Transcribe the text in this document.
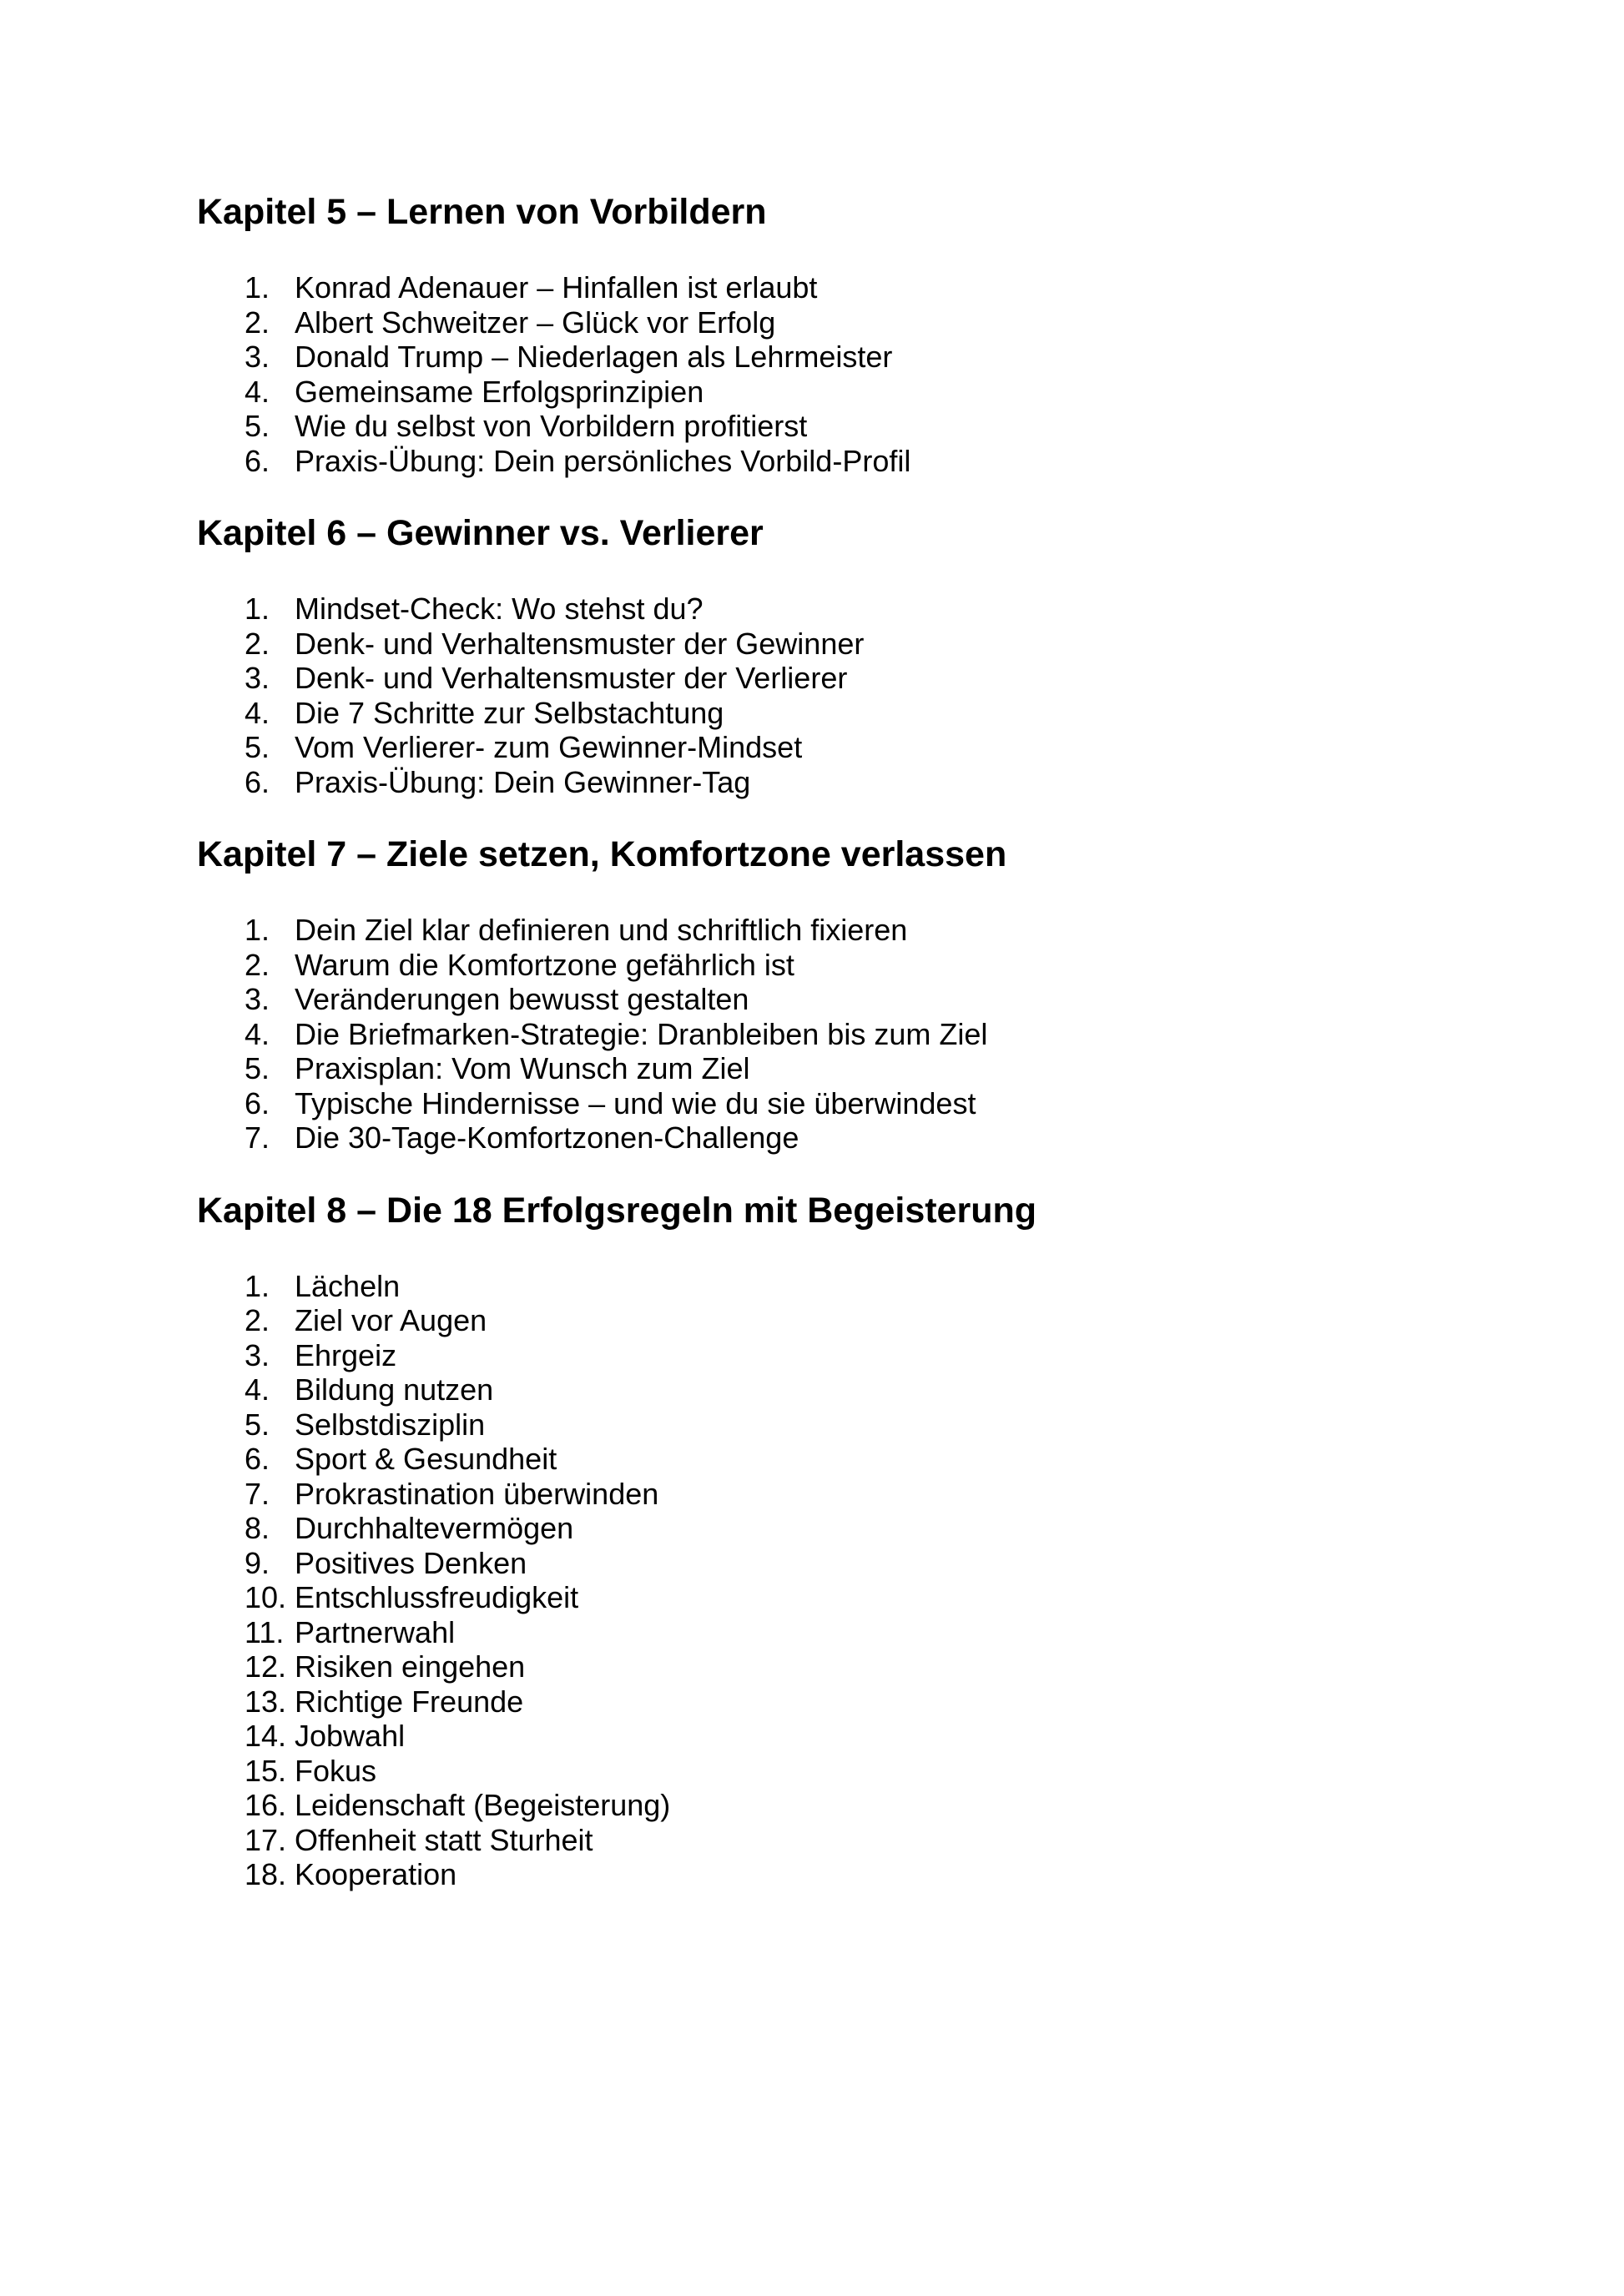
Kapitel 5 – Lernen von Vorbildern
1. Konrad Adenauer – Hinfallen ist erlaubt
2. Albert Schweitzer – Glück vor Erfolg
3. Donald Trump – Niederlagen als Lehrmeister
4. Gemeinsame Erfolgsprinzipien
5. Wie du selbst von Vorbildern profitierst
6. Praxis-Übung: Dein persönliches Vorbild-Profil
Kapitel 6 – Gewinner vs. Verlierer
1. Mindset-Check: Wo stehst du?
2. Denk- und Verhaltensmuster der Gewinner
3. Denk- und Verhaltensmuster der Verlierer
4. Die 7 Schritte zur Selbstachtung
5. Vom Verlierer- zum Gewinner-Mindset
6. Praxis-Übung: Dein Gewinner-Tag
Kapitel 7 – Ziele setzen, Komfortzone verlassen
1. Dein Ziel klar definieren und schriftlich fixieren
2. Warum die Komfortzone gefährlich ist
3. Veränderungen bewusst gestalten
4. Die Briefmarken-Strategie: Dranbleiben bis zum Ziel
5. Praxisplan: Vom Wunsch zum Ziel
6. Typische Hindernisse – und wie du sie überwindest
7. Die 30-Tage-Komfortzonen-Challenge
Kapitel 8 – Die 18 Erfolgsregeln mit Begeisterung
1. Lächeln
2. Ziel vor Augen
3. Ehrgeiz
4. Bildung nutzen
5. Selbstdisziplin
6. Sport & Gesundheit
7. Prokrastination überwinden
8. Durchhaltevermögen
9. Positives Denken
10. Entschlussfreudigkeit
11. Partnerwahl
12. Risiken eingehen
13. Richtige Freunde
14. Jobwahl
15. Fokus
16. Leidenschaft (Begeisterung)
17. Offenheit statt Sturheit
18. Kooperation
